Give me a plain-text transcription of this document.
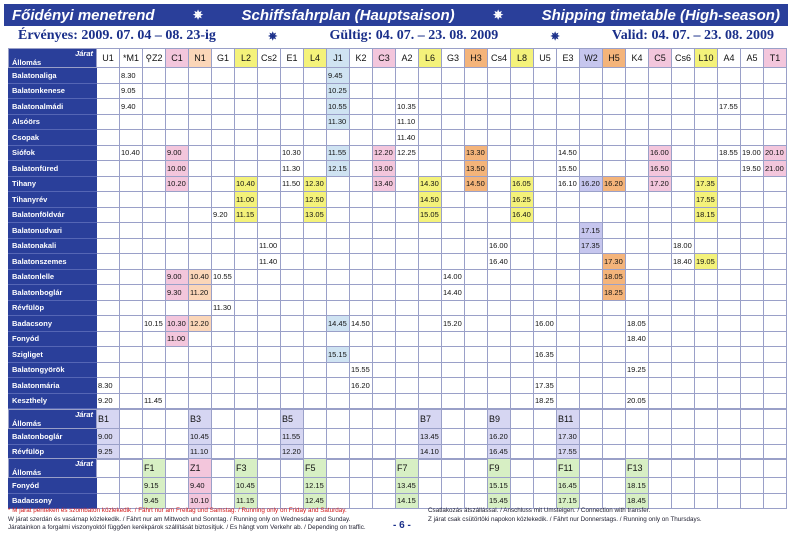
Főidényi menetrend	✵	Schiffsfahrplan (Hauptsaison)	✵	Shipping timetable (High-season)
Érvényes: 2009. 07. 04 – 08. 23-ig	✵	Gültig: 04. 07. – 23. 08. 2009	✵	Valid: 04. 07. – 23. 08. 2009
Járat
Állomás	U1	*M1	⚲Z2	C1	N1	G1	L2	Cs2	E1	L4	J1	K2	C3	A2	L6	G3	H3	Cs4	L8	U5	E3	W2	H5	K4	C5	Cs6	L10	A4	A5	T1
Balatonaliga		8.30									9.45																			
Balatonkenese		9.05									10.25																			
Balatonalmádi		9.40									10.55			10.35														17.55		
Alsóörs											11.30			11.10																
Csopak														11.40																
Siófok		10.40		9.00					10.30		11.55		12.20	12.25			13.30				14.50				16.00			18.55	19.00	20.10
Balatonfüred				10.00					11.30		12.15		13.00				13.50				15.50				16.50				19.50	21.00
Tihany				10.20			10.40		11.50	12.30			13.40		14.30		14.50		16.05		16.10	16.20	16.20		17.20		17.35			
Tihanyrév							11.00			12.50					14.50				16.25								17.55			
Balatonföldvár						9.20	11.15			13.05					15.05				16.40								18.15			
Balatonudvari																						17.15								
Balatonakali								11.00										16.00				17.35				18.00				
Balatonszemes								11.40										16.40					17.30			18.40	19.05			
Balatonlelle				9.00	10.40	10.55										14.00							18.05							
Balatonboglár				9.30	11.20											14.40							18.25							
Révfülöp						11.30																								
Badacsony			10.15	10.30	12.20						14.45	14.50				15.20				16.00				18.05						
Fonyód				11.00																				18.40						
Szigliget											15.15									16.35										
Balatongyörök												15.55												19.25						
Balatonmária	8.30											16.20								17.35										
Keszthely	9.20		11.45																	18.25				20.05						
Járat
Állomás	B1				B3				B5						B7			B9			B11									
Balatonboglár	9.00				10.45				11.55						13.45			16.20			17.30									
Révfülöp	9.25				11.10				12.20						14.10			16.45			17.55									
Járat
Állomás			F1		Z1		F3			F5				F7				F9			F11			F13						
Fonyód			9.15		9.40		10.45			12.15				13.45				15.15			16.45			18.15						
Badacsony			9.45		10.10		11.15			12.45				14.15				15.45			17.15			18.45						
* M járat pénteken és szombaton közlekedik. / Fährt nur am Freitag und Samstag. / Running only on Friday and Saturday.
W járat szerdán és vasárnap közlekedik. / Fährt nur am Mittwoch und Sonntag. / Running only on Wednesday and Sunday.
Járatainkon a forgalmi viszonyoktól függően kerékpárok szállítását biztosítjuk. / Es hängt vom Verkehr ab. / Depending on traffic.
Csatlakozás átszállással. / Anschluss mit Umsteigen. / Connection with transfer.
Z járat csak csütörtöki napokon közlekedik. / Fährt nur Donnerstags. / Running only on Thursdays.
- 6 -
